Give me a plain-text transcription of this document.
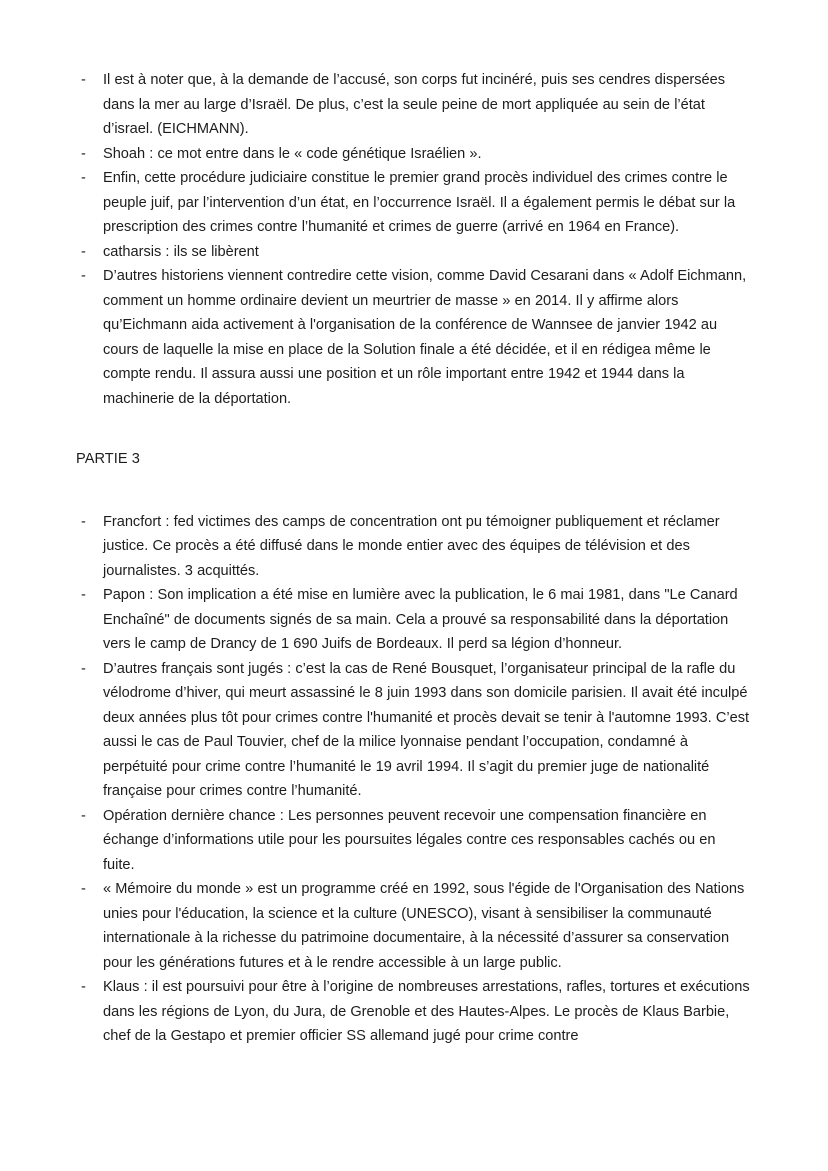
-	Il est à noter que, à la demande de l’accusé, son corps fut incinéré, puis ses cendres dispersées dans la mer au large d’Israël. De plus, c’est la seule peine de mort appliquée au sein de l’état d’israel. (EICHMANN).
-	Shoah : ce mot entre dans le « code génétique Israélien ».
-	Enfin, cette procédure judiciaire constitue le premier grand procès individuel des crimes contre le peuple juif, par l’intervention d’un état, en l’occurrence Israël. Il a également permis le débat sur la prescription des crimes contre l’humanité et crimes de guerre (arrivé en 1964 en France).
-	catharsis : ils se libèrent
-	D’autres historiens viennent contredire cette vision, comme David Cesarani dans « Adolf Eichmann, comment un homme ordinaire devient un meurtrier de masse » en 2014. Il y affirme alors qu’Eichmann aida activement à l'organisation de la conférence de Wannsee de janvier 1942 au cours de laquelle la mise en place de la Solution finale a été décidée, et il en rédigea même le compte rendu. Il assura aussi une position et un rôle important entre 1942 et 1944 dans la machinerie de la déportation.

PARTIE 3

-	Francfort : fed victimes des camps de concentration ont pu témoigner publiquement et réclamer justice. Ce procès a été diffusé dans le monde entier avec des équipes de télévision et des journalistes. 3 acquittés.
-	Papon : Son implication a été mise en lumière avec la publication, le 6 mai 1981, dans "Le Canard Enchaîné" de documents signés de sa main. Cela a prouvé sa responsabilité dans la déportation vers le camp de Drancy de 1 690 Juifs de Bordeaux. Il perd sa légion d’honneur.
-	D’autres français sont jugés : c’est la cas de René Bousquet, l’organisateur principal de la rafle du vélodrome d’hiver, qui meurt assassiné le 8 juin 1993 dans son domicile parisien. Il avait été inculpé deux années plus tôt pour crimes contre l'humanité et procès devait se tenir à l'automne 1993. C’est aussi le cas de Paul Touvier, chef de la milice lyonnaise pendant l’occupation, condamné à perpétuité pour crime contre l’humanité le 19 avril 1994. Il s’agit du premier juge de nationalité française pour crimes contre l’humanité.
-	Opération dernière chance : Les personnes peuvent recevoir une compensation financière en échange d’informations utile pour les poursuites légales contre ces responsables cachés ou en fuite.
-	« Mémoire du monde » est un programme créé en 1992, sous l'égide de l'Organisation des Nations unies pour l'éducation, la science et la culture (UNESCO), visant à sensibiliser la communauté internationale à la richesse du patrimoine documentaire, à la nécessité d’assurer sa conservation pour les générations futures et à le rendre accessible à un large public.
-	Klaus : il est poursuivi pour être à l’origine de nombreuses arrestations, rafles, tortures et exécutions dans les régions de Lyon, du Jura, de Grenoble et des Hautes-Alpes. Le procès de Klaus Barbie, chef de la Gestapo et premier officier SS allemand jugé pour crime contre
